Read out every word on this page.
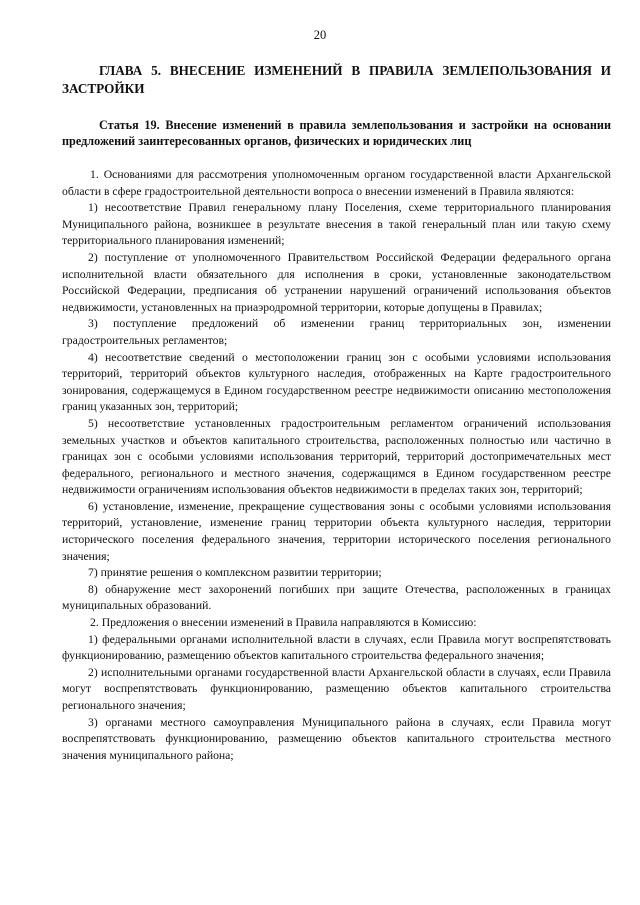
20

ГЛАВА 5. ВНЕСЕНИЕ ИЗМЕНЕНИЙ В ПРАВИЛА ЗЕМЛЕПОЛЬЗОВАНИЯ И ЗАСТРОЙКИ

Статья 19. Внесение изменений в правила землепользования и застройки на основании предложений заинтересованных органов, физических и юридических лиц

1. Основаниями для рассмотрения уполномоченным органом государственной власти Архангельской области в сфере градостроительной деятельности вопроса о внесении изменений в Правила являются:

1) несоответствие Правил генеральному плану Поселения, схеме территориального планирования Муниципального района, возникшее в результате внесения в такой генеральный план или такую схему территориального планирования изменений;

2) поступление от уполномоченного Правительством Российской Федерации федерального органа исполнительной власти обязательного для исполнения в сроки, установленные законодательством Российской Федерации, предписания об устранении нарушений ограничений использования объектов недвижимости, установленных на приаэродромной территории, которые допущены в Правилах;

3) поступление предложений об изменении границ территориальных зон, изменении градостроительных регламентов;

4) несоответствие сведений о местоположении границ зон с особыми условиями использования территорий, территорий объектов культурного наследия, отображенных на Карте градостроительного зонирования, содержащемуся в Едином государственном реестре недвижимости описанию местоположения границ указанных зон, территорий;

5) несоответствие установленных градостроительным регламентом ограничений использования земельных участков и объектов капитального строительства, расположенных полностью или частично в границах зон с особыми условиями использования территорий, территорий достопримечательных мест федерального, регионального и местного значения, содержащимся в Едином государственном реестре недвижимости ограничениям использования объектов недвижимости в пределах таких зон, территорий;

6) установление, изменение, прекращение существования зоны с особыми условиями использования территорий, установление, изменение границ территории объекта культурного наследия, территории исторического поселения федерального значения, территории исторического поселения регионального значения;

7) принятие решения о комплексном развитии территории;

8) обнаружение мест захоронений погибших при защите Отечества, расположенных в границах муниципальных образований.

2. Предложения о внесении изменений в Правила направляются в Комиссию:

1) федеральными органами исполнительной власти в случаях, если Правила могут воспрепятствовать функционированию, размещению объектов капитального строительства федерального значения;

2) исполнительными органами государственной власти Архангельской области в случаях, если Правила могут воспрепятствовать функционированию, размещению объектов капитального строительства регионального значения;

3) органами местного самоуправления Муниципального района в случаях, если Правила могут воспрепятствовать функционированию, размещению объектов капитального строительства местного значения муниципального района;
